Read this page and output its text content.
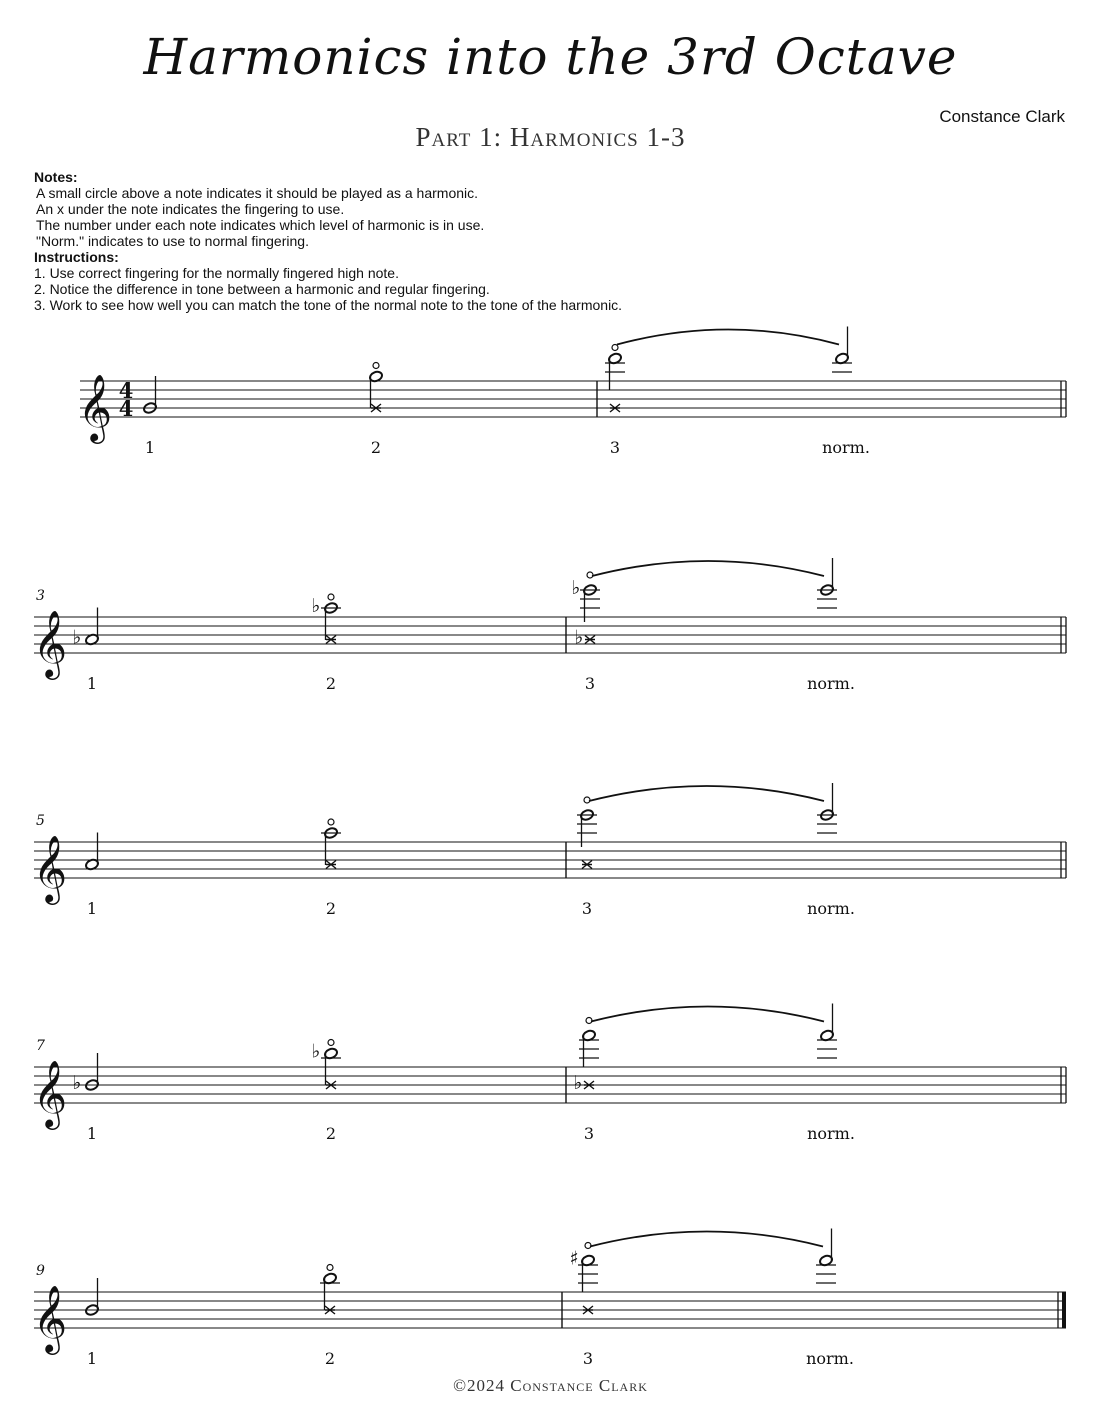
Harmonics into the 3rd Octave
Part 1: Harmonics 1-3
Constance Clark
Notes:
A small circle above a note indicates it should be played as a harmonic.
An x under the note indicates the fingering to use.
The number under each note indicates which level of harmonic is in use.
"Norm." indicates to use to normal fingering.
Instructions:
1. Use correct fingering for the normally fingered high note.
2. Notice the difference in tone between a harmonic and regular fingering.
3. Work to see how well you can match the tone of the normal note to the tone of the harmonic.
𝄞 4
4
1	2	3	norm.
𝄞
3
♭
♭
♭
♭
1	2	3	norm.
𝄞
5
1	2	3	norm.
𝄞
7
♭
♭
♭
1	2	3	norm.
𝄞
9
♯
1	2	3	norm.
©2024 Constance Clark
